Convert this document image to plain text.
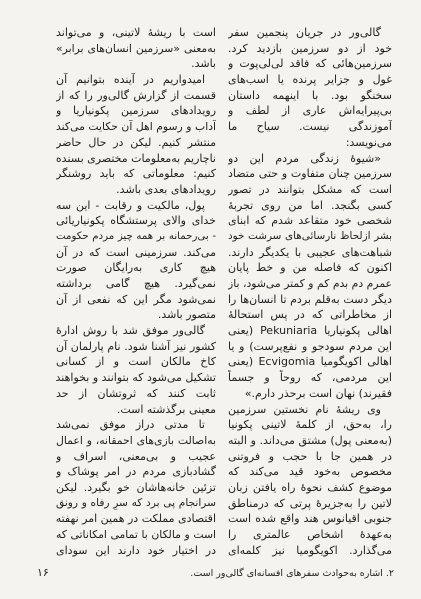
گالی‌ور در جریان پنجمین سفر
خود از دو سرزمین بازدید کرد.
سرزمین‌هائی که فاقد لی‌لی‌پوت و
غول و جزایر پرنده یا اسب‌های
سخنگو بود. با اینهمه داستان
بی‌پیرایه‌اش عاری از لطف و
آموزندگی نیست. سیاح ما
می‌نویسد:
«شیوهٔ زندگی مردم این دو
سرزمین چنان متفاوت و حتی متضاد
است که مشکل بتوانند در تصور
کسی بگنجد. اما من روی تجربهٔ
شخصی خود متقاعد شدم که ابنای
بشر ازلحاظ نارسائی‌های سرشت خود
شباهت‌های عجیبی با یکدیگر دارند.
اکنون که فاصله من و خط پایان
عمرم دم بدم کم و کمتر می‌شود، باز
دیگر دست به‌قلم بردم تا انسان‌ها را
از مخاطراتی که در پس استحالهٔ
اهالی پکونیاریا Pekuniaria (یعنی
این مردم سودجو و نفع‌پرست) و یا
اهالی اکویگومیا Ecvigomia (یعنی
این مردمی، که روحاً و جسماً
فقیرند) نهان است برحذر دارم.»
وی ریشهٔ نام نخستین سرزمین
را، به‌حق، از کلمهٔ لاتینی پکونیا
(به‌معنی پول) مشتق می‌داند. و البته
در همین جا با حجب و فروتنی
مخصوص به‌خود قید می‌کند که
موضوع کشف نحوهٔ راه یافتن زبان
لاتین را به‌جزیرهٔ پرتی که درمناطق
جنوبی اقیانوس هند واقع شده است
به‌عهدهٔ اشخاص عالمتری را
می‌گذارد. اکویگومیا نیز کلمه‌ای
است با ریشهٔ لاتینی، و می‌تواند
به‌معنی «سرزمین انسان‌های برابر»
باشد.
امیدواریم در آینده بتوانیم آن
قسمت از گزارش گالی‌ور را که از
رویدادهای سرزمین پکونیاریا و
آداب و رسوم اهل آن حکایت می‌کند
منتشر کنیم. لیکن در حال حاضر
ناچاریم به‌معلومات مختصری بسنده
کنیم: معلوماتی که باید روشنگر
رویدادهای بعدی باشد.
پول، مالکیت و رقابت - این سه
خدای والای پرستشگاه پکونیاریائی
- بی‌رحمانه بر همه چیز مردم حکومت
می‌کند. سرزمینی است که در آن
هیچ کاری به‌رایگان صورت
نمی‌گیرد. هیچ گامی برداشته
نمی‌شود مگر این که نفعی از آن
متصور باشد.
گالی‌ور موفق شد با روش ادارهٔ
کشور نیز آشنا شود. نام پارلمان آن
کاخ مالکان است و از کسانی
تشکیل می‌شود که بتوانند و بخواهند
ثابت کنند که ثروتشان از حد
معینی برگذشته است.
تا مدتی دراز موفق نمی‌شد
به‌اصالت بازی‌های احمقانه، و اعمال
عجیب و بی‌معنی، اسراف و
گشادبازی مردم در امر پوشاک و
تزئین خانه‌هاشان خو بگیرد. لیکن
سرانجام پی برد که سرِ رفاه و رونق
اقتصادی مملکت در همین امر نهفته
است و مالکان با تمامی امکاناتی که
در اختیار خود دارند این سودای
۲. اشاره به‌حوادث سفرهای افسانه‌ای گالی‌ور است.
۱۶
